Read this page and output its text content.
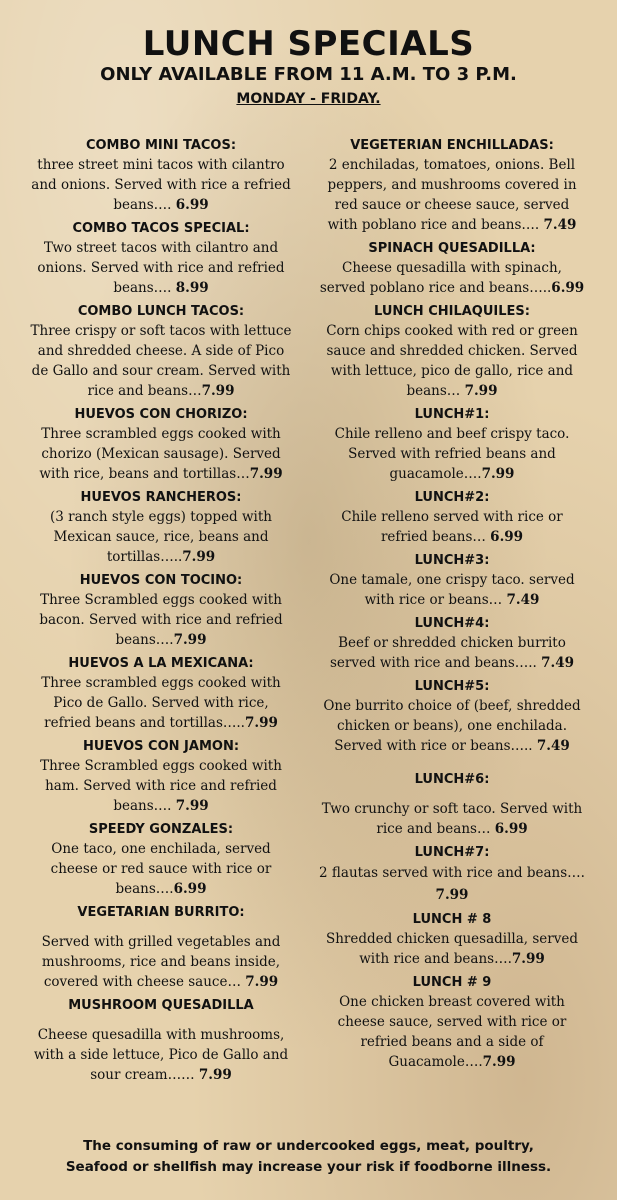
LUNCH SPECIALS
ONLY AVAILABLE FROM 11 A.M. TO 3 P.M.
MONDAY - FRIDAY.
COMBO MINI TACOS:
three street mini tacos with cilantro and onions. Served with rice a refried beans…. 6.99
COMBO TACOS SPECIAL:
Two street tacos with cilantro and onions. Served with rice and refried beans…. 8.99
COMBO LUNCH TACOS:
Three crispy or soft tacos with lettuce and shredded cheese. A side of Pico de Gallo and sour cream. Served with rice and beans…7.99
HUEVOS CON CHORIZO:
Three scrambled eggs cooked with chorizo (Mexican sausage). Served with rice, beans and tortillas…7.99
HUEVOS RANCHEROS:
(3 ranch style eggs) topped with Mexican sauce, rice, beans and tortillas…..7.99
HUEVOS CON TOCINO:
Three Scrambled eggs cooked with bacon. Served with rice and refried beans….7.99
HUEVOS A LA MEXICANA:
Three scrambled eggs cooked with Pico de Gallo. Served with rice, refried beans and tortillas…..7.99
HUEVOS CON JAMON:
Three Scrambled eggs cooked with ham. Served with rice and refried beans…. 7.99
SPEEDY GONZALES:
One taco, one enchilada, served cheese or red sauce with rice or beans….6.99
VEGETARIAN BURRITO:
Served with grilled vegetables and mushrooms, rice and beans inside, covered with cheese sauce… 7.99
MUSHROOM QUESADILLA
Cheese quesadilla with mushrooms, with a side lettuce, Pico de Gallo and sour cream…… 7.99
VEGETERIAN ENCHILLADAS:
2 enchiladas, tomatoes, onions. Bell peppers, and mushrooms covered in red sauce or cheese sauce, served with poblano rice and beans…. 7.49
SPINACH QUESADILLA:
Cheese quesadilla with spinach, served poblano rice and beans…..6.99
LUNCH CHILAQUILES:
Corn chips cooked with red or green sauce and shredded chicken. Served with lettuce, pico de gallo, rice and beans… 7.99
LUNCH#1:
Chile relleno and beef crispy taco. Served with refried beans and guacamole….7.99
LUNCH#2:
Chile relleno served with rice or refried beans… 6.99
LUNCH#3:
One tamale, one crispy taco. served with rice or beans… 7.49
LUNCH#4:
Beef or shredded chicken burrito served with rice and beans….. 7.49
LUNCH#5:
One burrito choice of (beef, shredded chicken or beans), one enchilada. Served with rice or beans….. 7.49
LUNCH#6:
Two crunchy or soft taco. Served with rice and beans… 6.99
LUNCH#7:
2 flautas served with rice and beans…. 7.99
LUNCH # 8
Shredded chicken quesadilla, served with rice and beans….7.99
LUNCH # 9
One chicken breast covered with cheese sauce, served with rice or refried beans and a side of Guacamole….7.99
The consuming of raw or undercooked eggs, meat, poultry,
Seafood or shellfish may increase your risk if foodborne illness.
